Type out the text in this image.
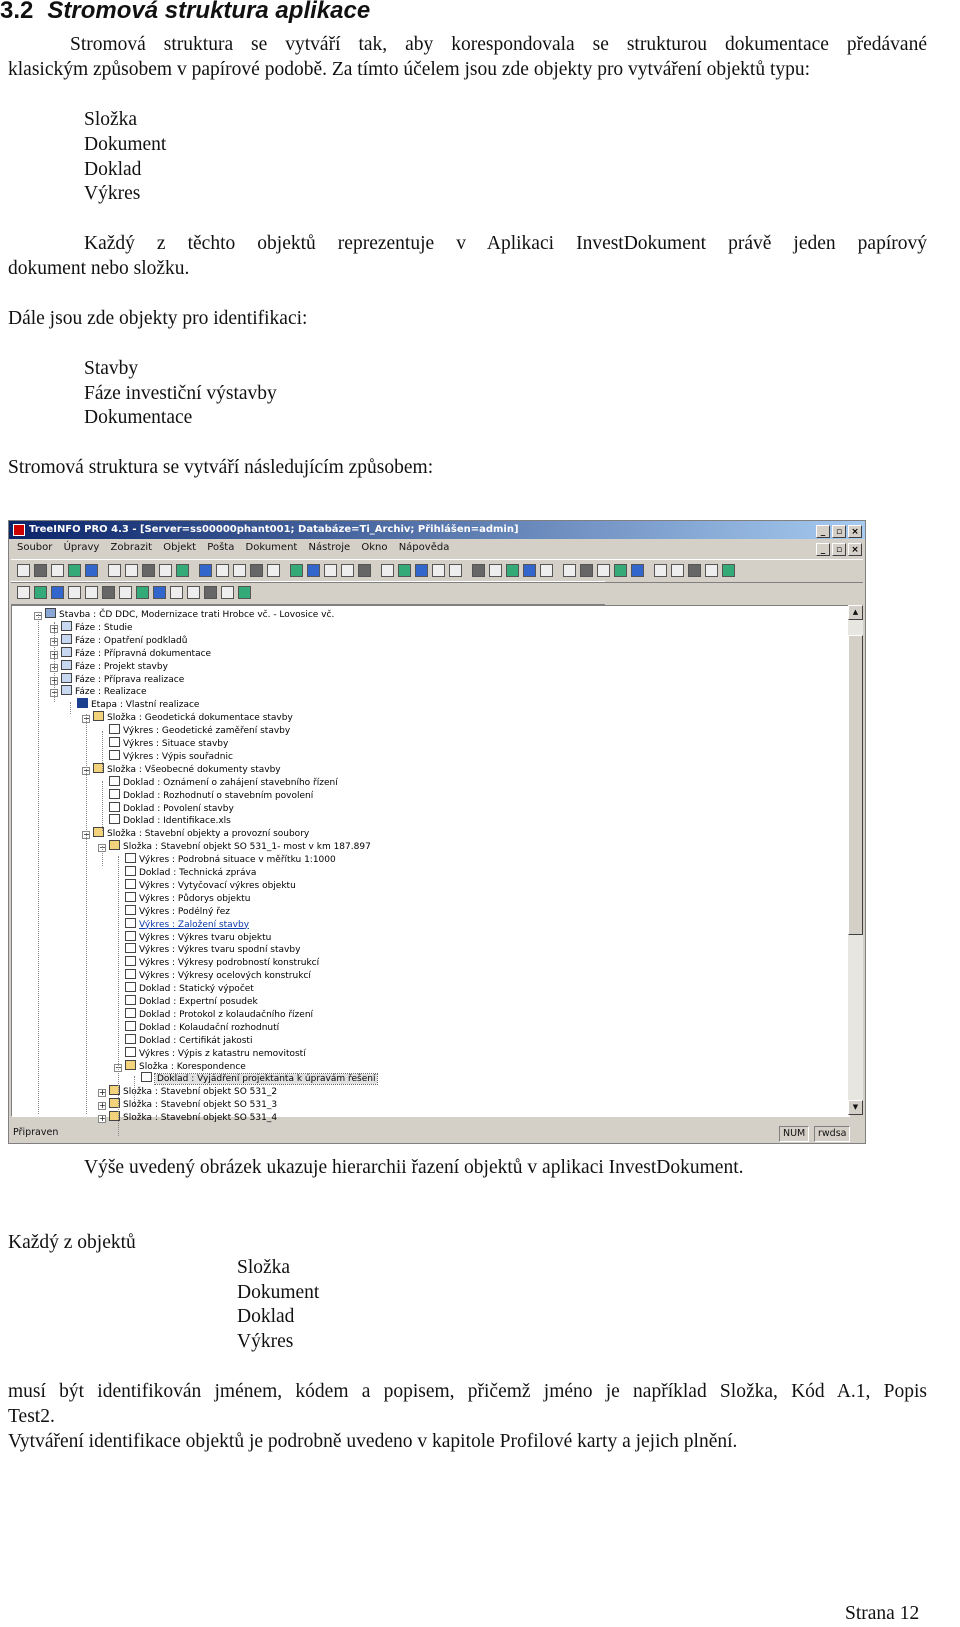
3.2 Stromová struktura aplikace
Stromová struktura se vytváří tak, aby korespondovala se strukturou dokumentace předávané
klasickým způsobem v papírové podobě. Za tímto účelem jsou zde objekty pro vytváření objektů typu:
Složka
Dokument
Doklad
Výkres
Každý z těchto objektů reprezentuje v Aplikaci InvestDokument právě jeden papírový
dokument nebo složku.
Dále jsou zde objekty pro identifikaci:
Stavby
Fáze investiční výstavby
Dokumentace
Stromová struktura se vytváří následujícím způsobem:
TreeINFO PRO 4.3 - [Server=ss00000phant001; Databáze=Ti_Archiv; Přihlášen=admin]	_ ▫ ×
Soubor Úpravy Zobrazit Objekt Pošta Dokument Nástroje Okno Nápověda	_ ▫ ×
− Stavba : ČD DDC, Modernizace trati Hrobce vč. - Lovosice vč.
+ Fáze : Studie
+ Fáze : Opatření podkladů
+ Fáze : Přípravná dokumentace
+ Fáze : Projekt stavby
+ Fáze : Příprava realizace
− Fáze : Realizace
Etapa : Vlastní realizace
− Složka : Geodetická dokumentace stavby
Výkres : Geodetické zaměření stavby
Výkres : Situace stavby
Výkres : Výpis souřadnic
− Složka : Všeobecné dokumenty stavby
Doklad : Oznámení o zahájení stavebního řízení
Doklad : Rozhodnutí o stavebním povolení
Doklad : Povolení stavby
Doklad : Identifikace.xls
− Složka : Stavební objekty a provozní soubory
− Složka : Stavební objekt SO 531_1- most v km 187.897
Výkres : Podrobná situace v měřítku 1:1000
Doklad : Technická zpráva
Výkres : Vytyčovací výkres objektu
Výkres : Půdorys objektu
Výkres : Podélný řez
Výkres : Založení stavby
Výkres : Výkres tvaru objektu
Výkres : Výkres tvaru spodní stavby
Výkres : Výkresy podrobností konstrukcí
Výkres : Výkresy ocelových konstrukcí
Doklad : Statický výpočet
Doklad : Expertní posudek
Doklad : Protokol z kolaudačního řízení
Doklad : Kolaudační rozhodnutí
Doklad : Certifikát jakosti
Výkres : Výpis z katastru nemovitostí
− Složka : Korespondence
Doklad : Vyjádření projektanta k úpravám řešení
+ Složka : Stavební objekt SO 531_2
+ Složka : Stavební objekt SO 531_3
+ Složka : Stavební objekt SO 531_4
▲
▼
Připraven	NUM	rwdsa
Výše uvedený obrázek ukazuje hierarchii řazení objektů v aplikaci InvestDokument.
Každý z objektů
Složka
Dokument
Doklad
Výkres
musí být identifikován jménem, kódem a popisem, přičemž jméno je například Složka, Kód A.1, Popis
Test2.
Vytváření identifikace objektů je podrobně uvedeno v kapitole Profilové karty a jejich plnění.
Strana 12
